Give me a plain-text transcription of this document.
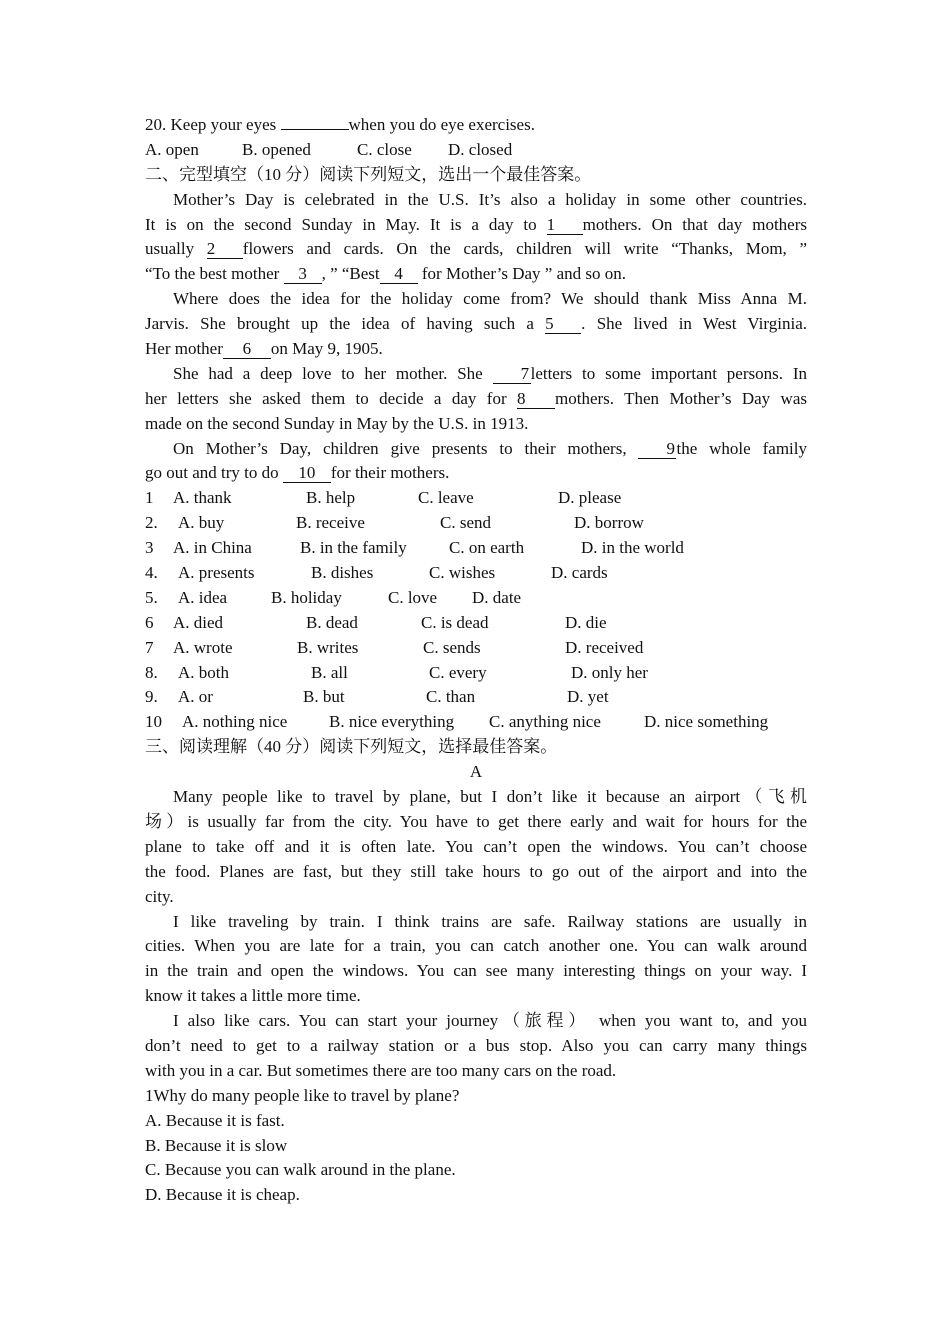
20. Keep your eyes	when you do eye exercises.
A. open	B. opened	C. close	D. closed
二、完型填空（10 分）阅读下列短文，选出一个最佳答案。
Mother’s Day is celebrated in the U.S. It’s also a holiday in some other countries.
It is on the second Sunday in May. It is a day to 1 mothers. On that day mothers
usually 2 flowers and cards. On the cards, children will write “Thanks, Mom, ”
“To the best mother 3 , ” “Best 4 for Mother’s Day ” and so on.
Where does the idea for the holiday come from? We should thank Miss Anna M.
Jarvis. She brought up the idea of having such a 5 . She lived in West Virginia.
Her mother 6 on May 9, 1905.
She had a deep love to her mother. She 7letters to some important persons. In
her letters she asked them to decide a day for 8 mothers. Then Mother’s Day was
made on the second Sunday in May by the U.S. in 1913.
On Mother’s Day, children give presents to their mothers, 9the whole family
go out and try to do 10 for their mothers.
1	A. thank	B. help	C. leave	D. please
2.	A. buy	B. receive	C. send	D. borrow
3	A. in China	B. in the family	C. on earth	D. in the world
4.	A. presents	B. dishes	C. wishes	D. cards
5.	A. idea	B. holiday	C. love	D. date
6	A. died	B. dead	C. is dead	D. die
7	A. wrote	B. writes	C. sends	D. received
8.	A. both	B. all	C. every	D. only her
9.	A. or	B. but	C. than	D. yet
10	A. nothing nice	B. nice everything	C. anything nice	D. nice something
三、阅读理解（40 分）阅读下列短文，选择最佳答案。
A
Many people like to travel by plane, but I don’t like it because an airport（飞机
场）is usually far from the city. You have to get there early and wait for hours for the
plane to take off and it is often late. You can’t open the windows. You can’t choose
the food. Planes are fast, but they still take hours to go out of the airport and into the
city.
I like traveling by train. I think trains are safe. Railway stations are usually in
cities. When you are late for a train, you can catch another one. You can walk around
in the train and open the windows. You can see many interesting things on your way. I
know it takes a little more time.
I also like cars. You can start your journey（旅程） when you want to, and you
don’t need to get to a railway station or a bus stop. Also you can carry many things
with you in a car. But sometimes there are too many cars on the road.
1Why do many people like to travel by plane?
A. Because it is fast.
B. Because it is slow
C. Because you can walk around in the plane.
D. Because it is cheap.
